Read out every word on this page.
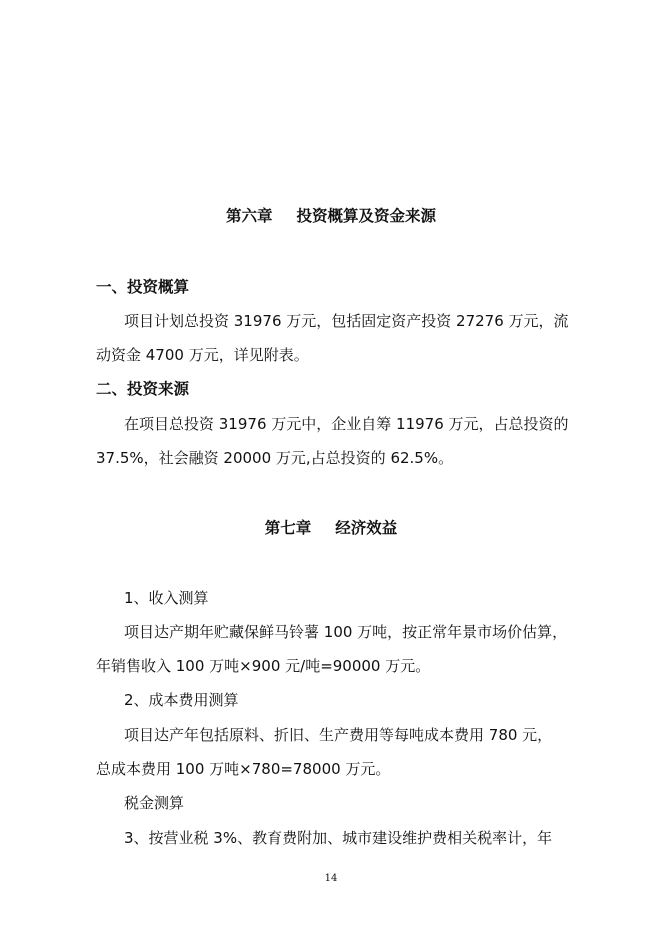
第六章 投资概算及资金来源
一、投资概算
项目计划总投资 31976 万元，包括固定资产投资 27276 万元，流
动资金 4700 万元，详见附表。
二、投资来源
在项目总投资 31976 万元中，企业自筹 11976 万元，占总投资的
37.5%，社会融资 20000 万元,占总投资的 62.5%。
第七章 经济效益
1、收入测算
项目达产期年贮藏保鲜马铃薯 100 万吨，按正常年景市场价估算，
年销售收入 100 万吨×900 元/吨=90000 万元。
2、成本费用测算
项目达产年包括原料、折旧、生产费用等每吨成本费用 780 元，
总成本费用 100 万吨×780=78000 万元。
税金测算
3、按营业税 3%、教育费附加、城市建设维护费相关税率计，年
14
